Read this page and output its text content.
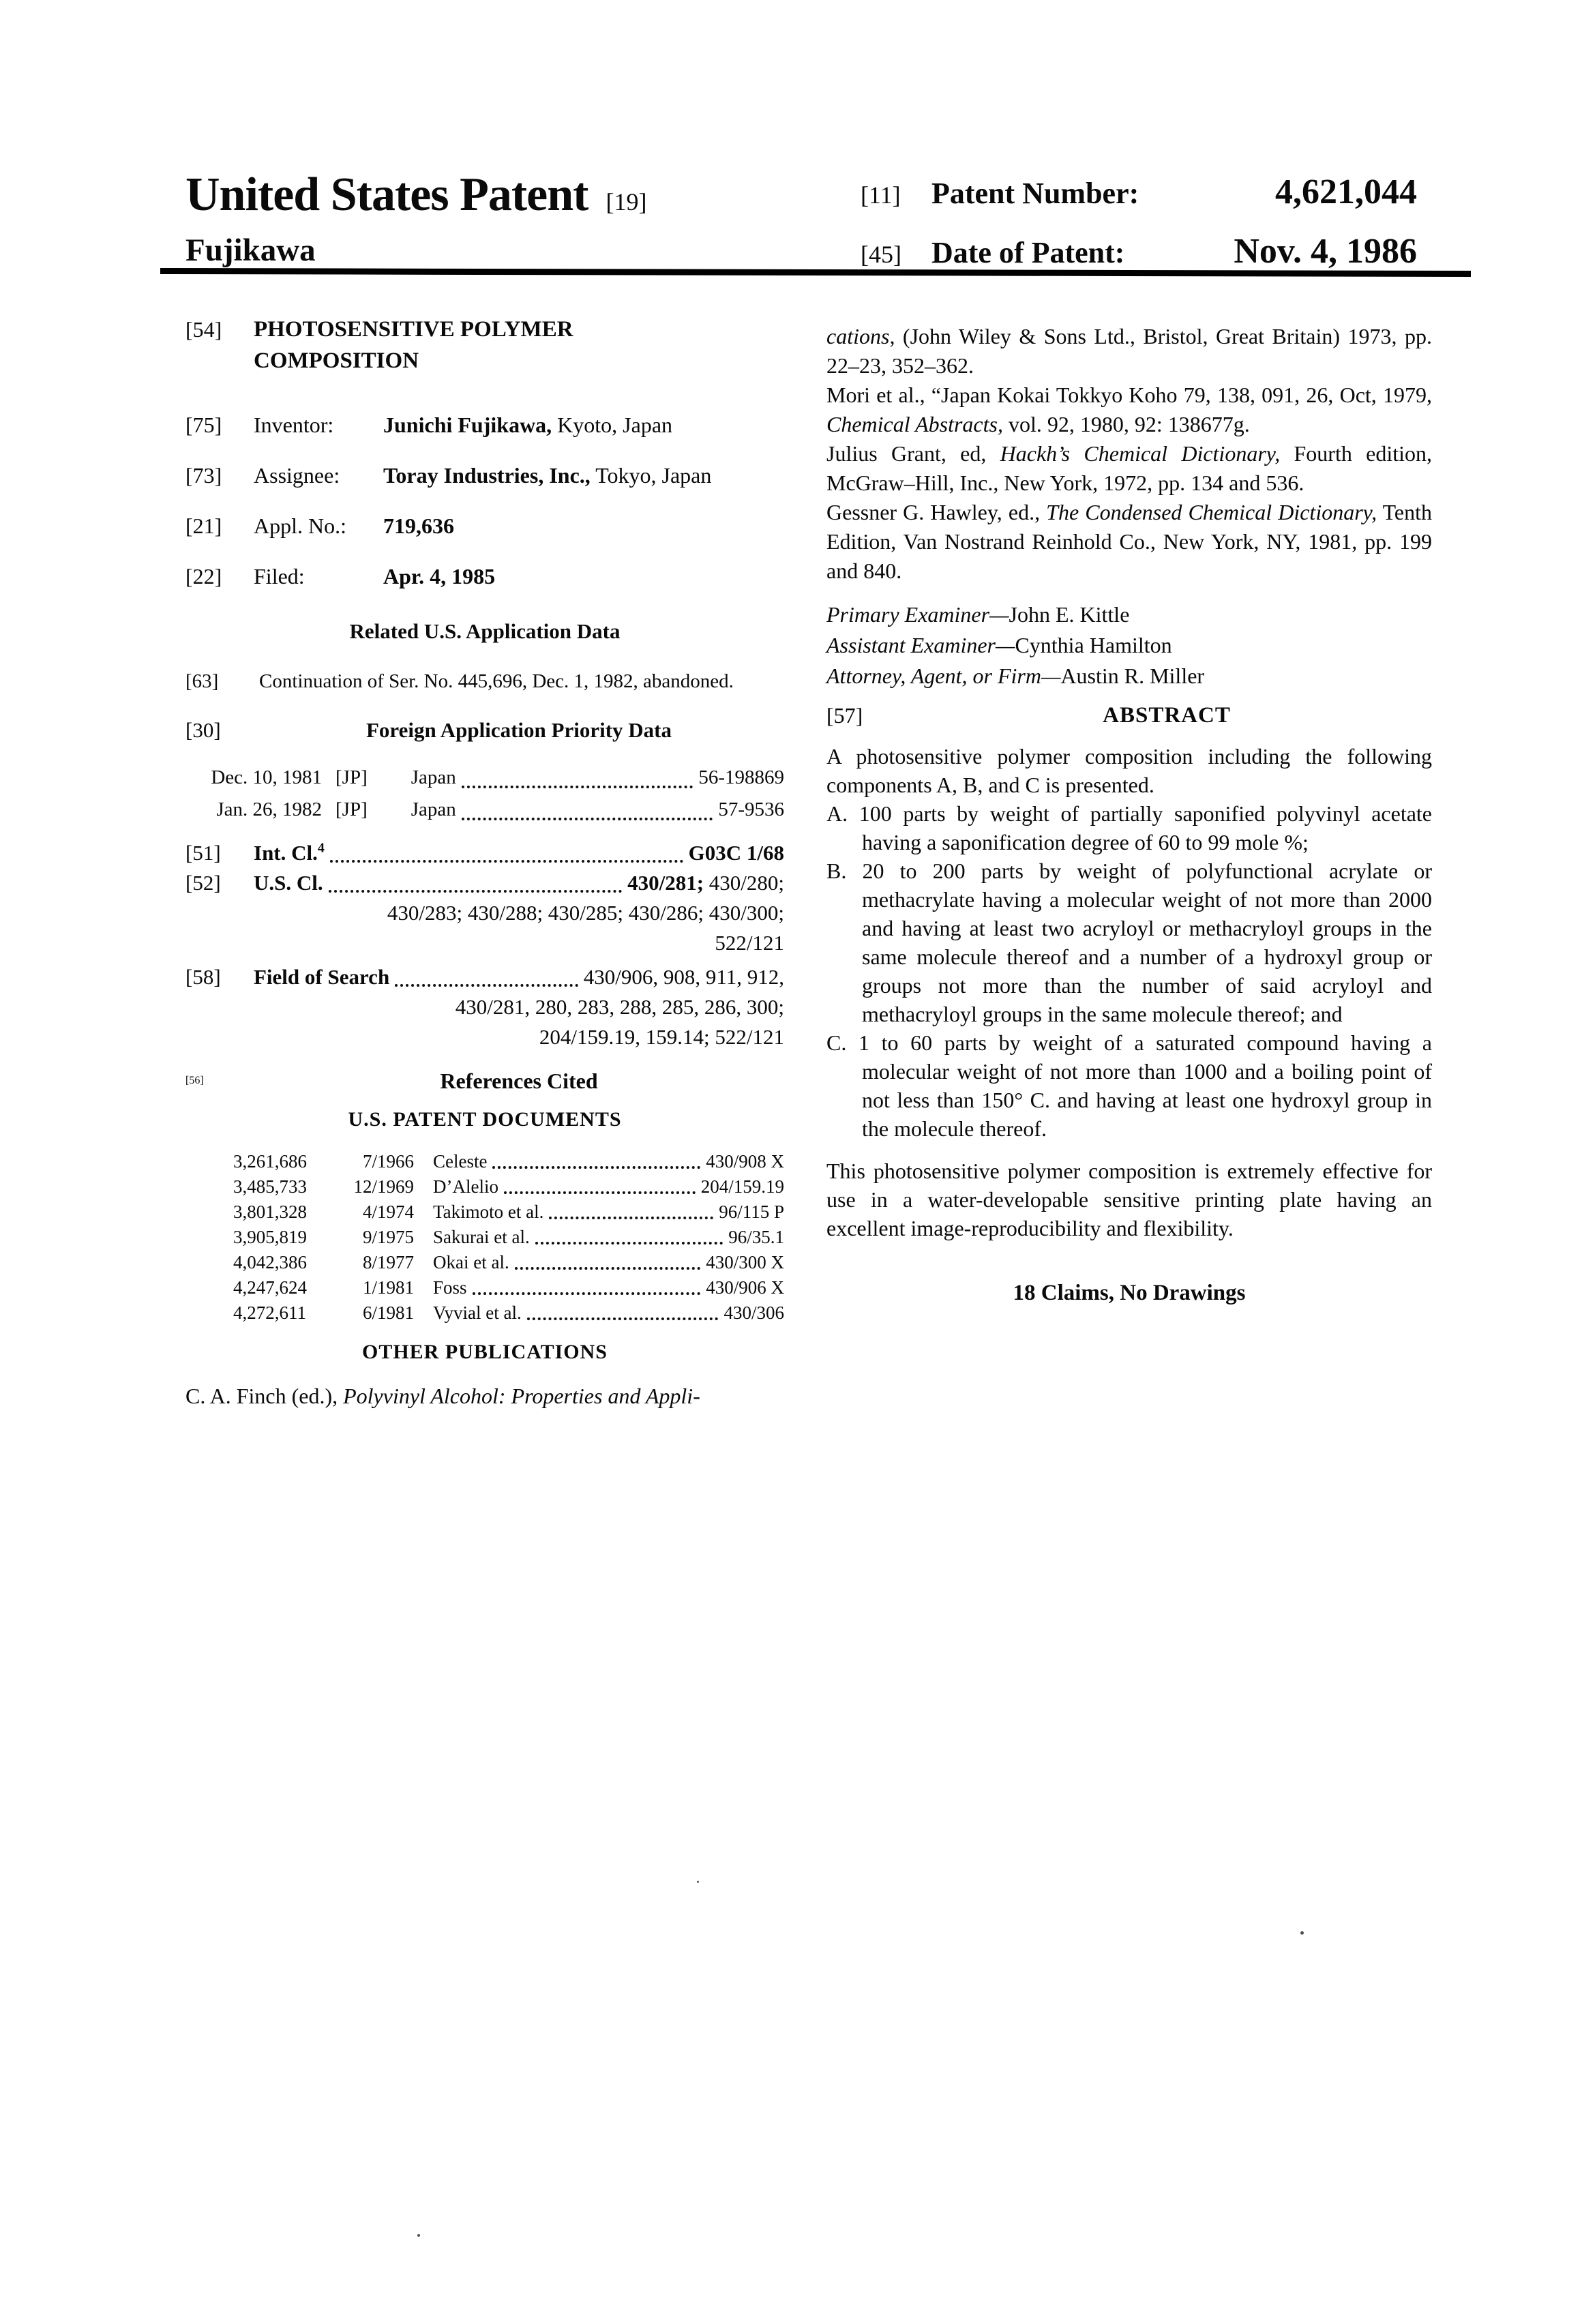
United States Patent [19]
Fujikawa
[11]	Patent Number:	4,621,044
[45]	Date of Patent:	Nov. 4, 1986
[54]	PHOTOSENSITIVE POLYMER COMPOSITION
[75]	Inventor:	Junichi Fujikawa, Kyoto, Japan
[73]	Assignee:	Toray Industries, Inc., Tokyo, Japan
[21]	Appl. No.:	719,636
[22]	Filed:	Apr. 4, 1985
Related U.S. Application Data
[63]	Continuation of Ser. No. 445,696, Dec. 1, 1982, abandoned.
[30]	Foreign Application Priority Data
Dec. 10, 1981 [JP] Japan	56-198869
Jan. 26, 1982 [JP] Japan	57-9536
[51]	Int. Cl.$^4$	G03C 1/68
[52]	U.S. Cl.	430/281; 430/280;
430/283; 430/288; 430/285; 430/286; 430/300;
522/121
[58]	Field of Search	430/906, 908, 911, 912,
430/281, 280, 283, 288, 285, 286, 300;
204/159.19, 159.14; 522/121
[56]	References Cited
U.S. PATENT DOCUMENTS
3,261,686	7/1966 Celeste	430/908 X
3,485,733	12/1969 D’Alelio	204/159.19
3,801,328	4/1974 Takimoto et al.	96/115 P
3,905,819	9/1975 Sakurai et al.	96/35.1
4,042,386	8/1977 Okai et al.	430/300 X
4,247,624	1/1981 Foss	430/906 X
4,272,611	6/1981 Vyvial et al.	430/306
OTHER PUBLICATIONS
C. A. Finch (ed.), Polyvinyl Alcohol: Properties and Appli-
cations, (John Wiley & Sons Ltd., Bristol, Great Britain) 1973, pp. 22–23, 352–362.
Mori et al., “Japan Kokai Tokkyo Koho 79, 138, 091, 26, Oct, 1979, Chemical Abstracts, vol. 92, 1980, 92: 138677g.
Julius Grant, ed, Hackh’s Chemical Dictionary, Fourth edition, McGraw–Hill, Inc., New York, 1972, pp. 134 and 536.
Gessner G. Hawley, ed., The Condensed Chemical Dictionary, Tenth Edition, Van Nostrand Reinhold Co., New York, NY, 1981, pp. 199 and 840.
Primary Examiner—John E. Kittle
Assistant Examiner—Cynthia Hamilton
Attorney, Agent, or Firm—Austin R. Miller
[57]	ABSTRACT
A photosensitive polymer composition including the following components A, B, and C is presented.
A. 100 parts by weight of partially saponified polyvinyl acetate having a saponification degree of 60 to 99 mole %;
B. 20 to 200 parts by weight of polyfunctional acrylate or methacrylate having a molecular weight of not more than 2000 and having at least two acryloyl or methacryloyl groups in the same molecule thereof and a number of a hydroxyl group or groups not more than the number of said acryloyl and methacryloyl groups in the same molecule thereof; and
C. 1 to 60 parts by weight of a saturated compound having a molecular weight of not more than 1000 and a boiling point of not less than 150° C. and having at least one hydroxyl group in the molecule thereof.
This photosensitive polymer composition is extremely effective for use in a water-developable sensitive printing plate having an excellent image-reproducibility and flexibility.
18 Claims, No Drawings
